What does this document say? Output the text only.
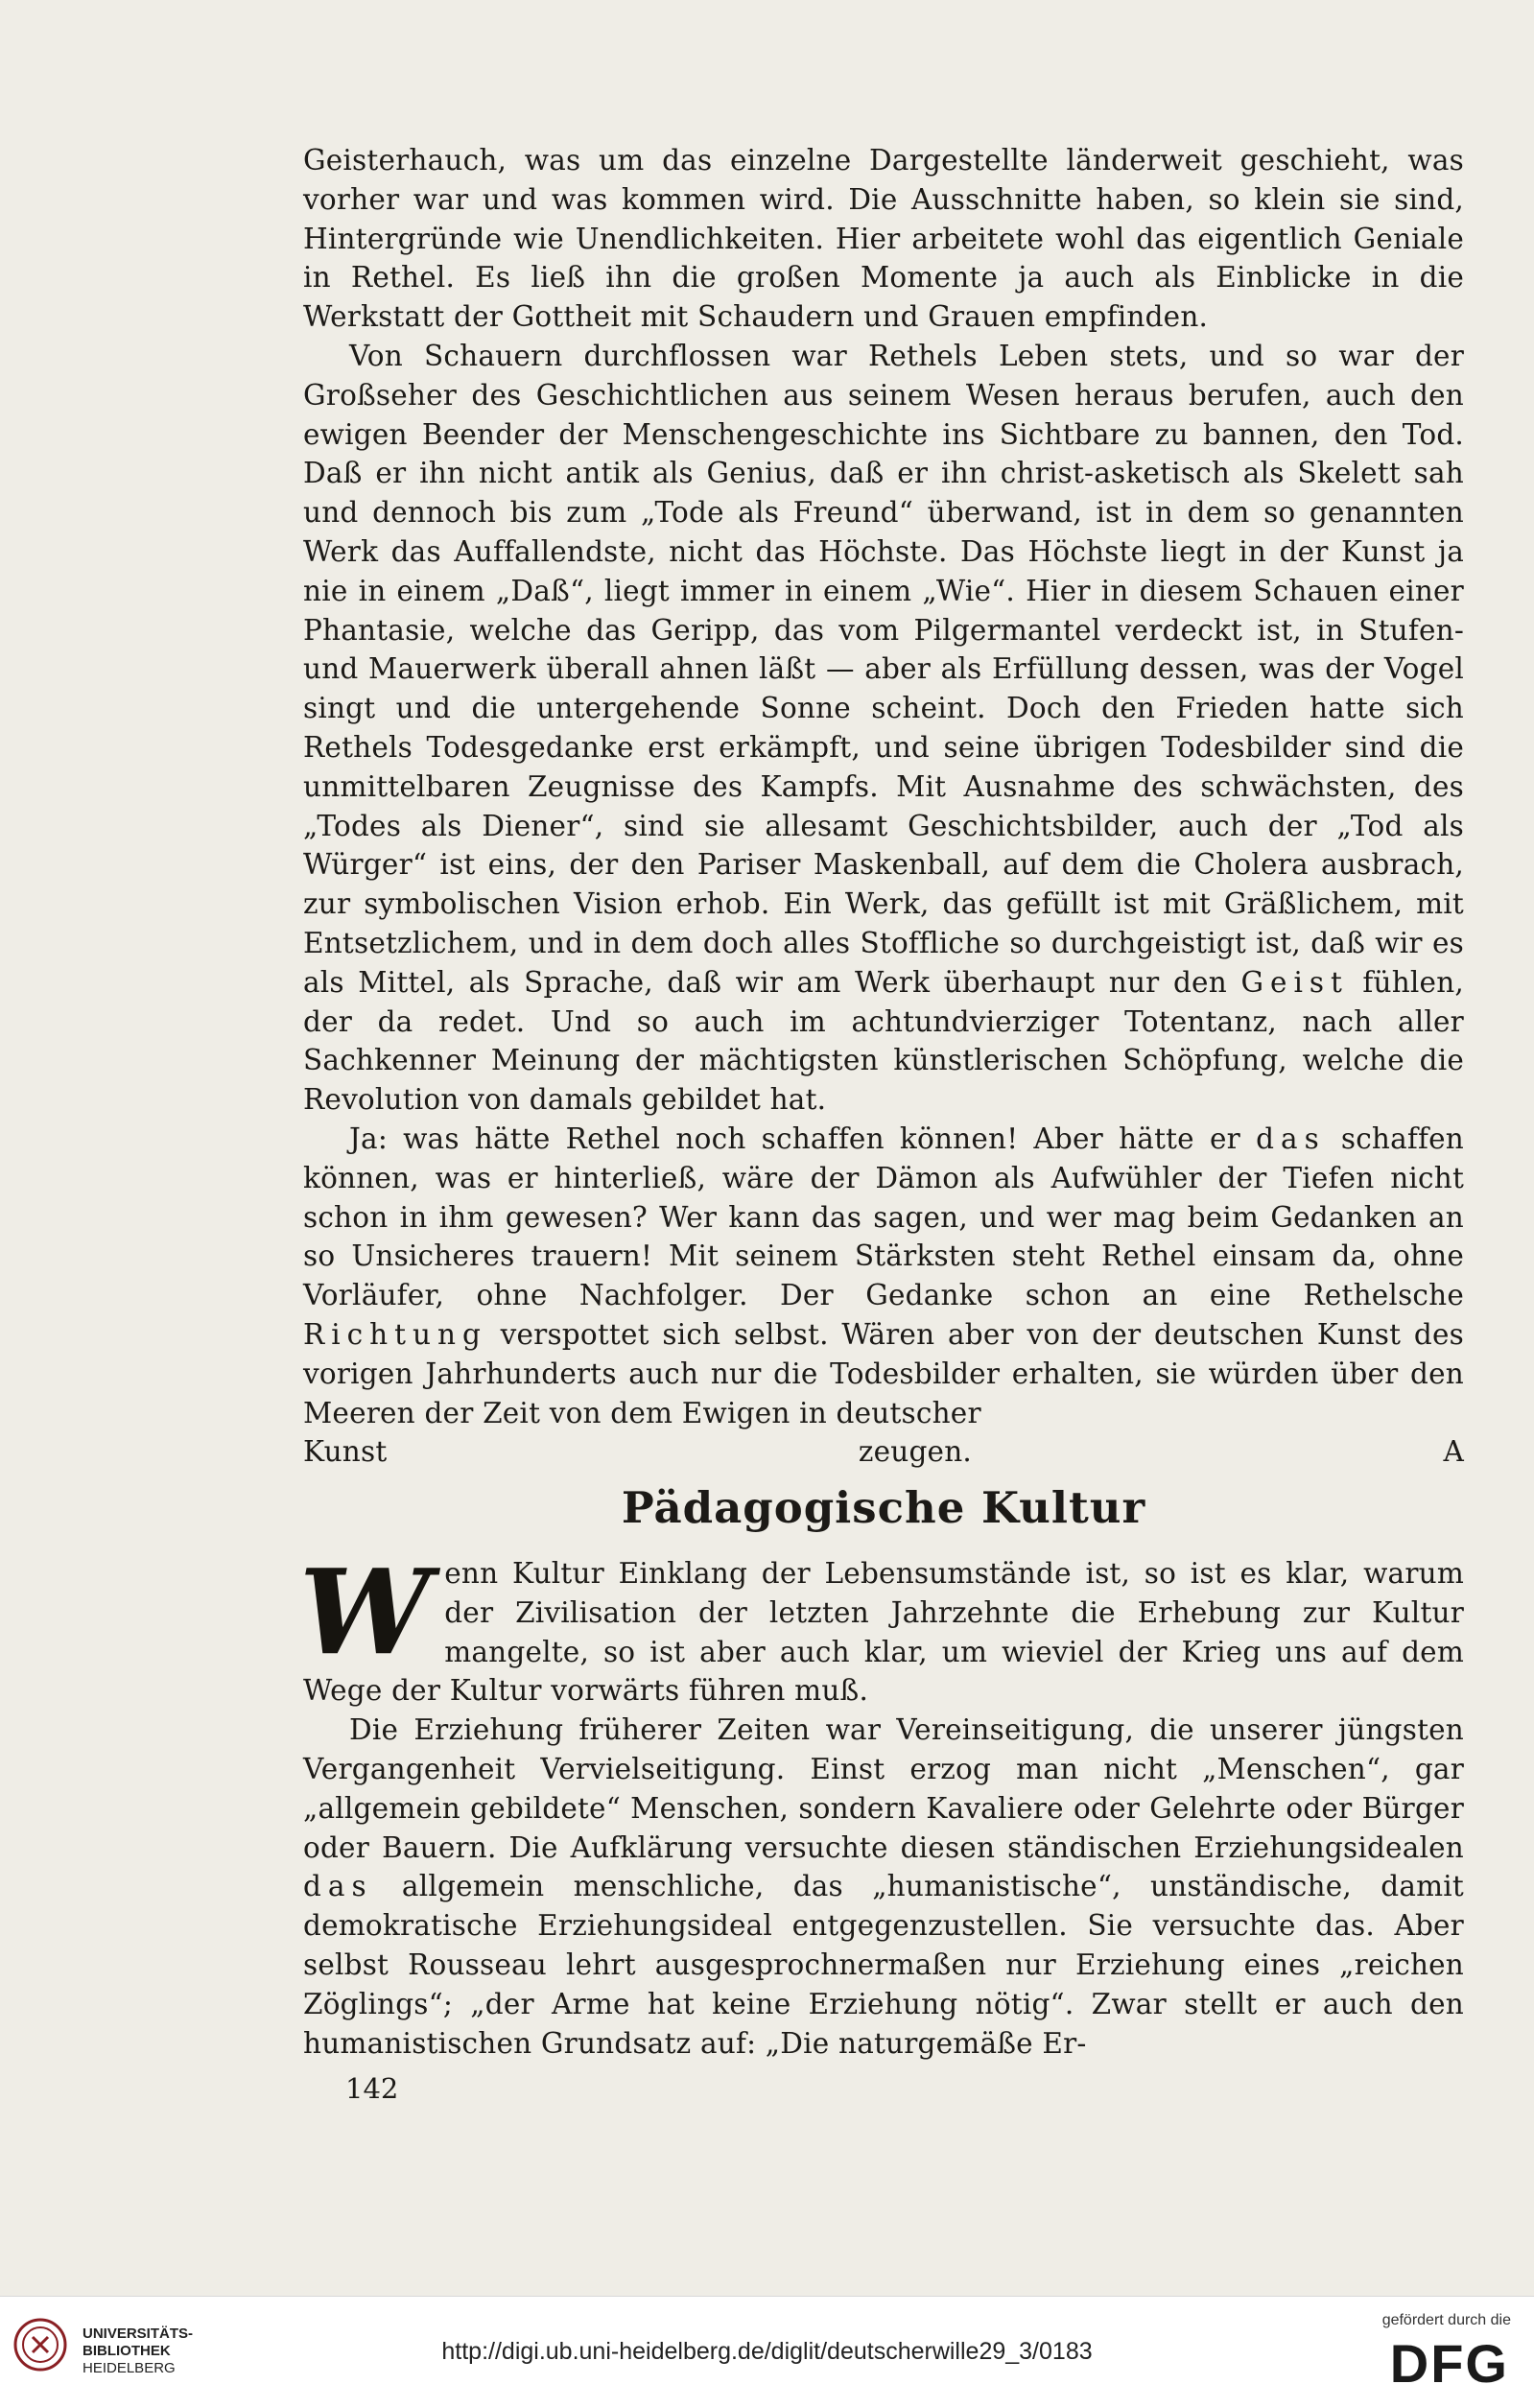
Geisterhauch, was um das einzelne Dargestellte länderweit geschieht, was vorher war und was kommen wird. Die Ausschnitte haben, so klein sie sind, Hintergründe wie Unendlichkeiten. Hier arbeitete wohl das eigentlich Geniale in Rethel. Es ließ ihn die großen Momente ja auch als Einblicke in die Werkstatt der Gottheit mit Schaudern und Grauen empfinden.

Von Schauern durchflossen war Rethels Leben stets, und so war der Großseher des Geschichtlichen aus seinem Wesen heraus berufen, auch den ewigen Beender der Menschengeschichte ins Sichtbare zu bannen, den Tod. Daß er ihn nicht antik als Genius, daß er ihn christ-asketisch als Skelett sah und dennoch bis zum „Tode als Freund“ überwand, ist in dem so genannten Werk das Auffallendste, nicht das Höchste. Das Höchste liegt in der Kunst ja nie in einem „Daß“, liegt immer in einem „Wie“. Hier in diesem Schauen einer Phantasie, welche das Geripp, das vom Pilgermantel verdeckt ist, in Stufen- und Mauerwerk überall ahnen läßt — aber als Erfüllung dessen, was der Vogel singt und die untergehende Sonne scheint. Doch den Frieden hatte sich Rethels Todesgedanke erst erkämpft, und seine übrigen Todesbilder sind die unmittelbaren Zeugnisse des Kampfs. Mit Ausnahme des schwächsten, des „Todes als Diener“, sind sie allesamt Geschichtsbilder, auch der „Tod als Würger“ ist eins, der den Pariser Maskenball, auf dem die Cholera ausbrach, zur symbolischen Vision erhob. Ein Werk, das gefüllt ist mit Gräßlichem, mit Entsetzlichem, und in dem doch alles Stoffliche so durchgeistigt ist, daß wir es als Mittel, als Sprache, daß wir am Werk überhaupt nur den Geist fühlen, der da redet. Und so auch im achtundvierziger Totentanz, nach aller Sachkenner Meinung der mächtigsten künstlerischen Schöpfung, welche die Revolution von damals gebildet hat.

Ja: was hätte Rethel noch schaffen können! Aber hätte er das schaffen können, was er hinterließ, wäre der Dämon als Aufwühler der Tiefen nicht schon in ihm gewesen? Wer kann das sagen, und wer mag beim Gedanken an so Unsicheres trauern! Mit seinem Stärksten steht Rethel einsam da, ohne Vorläufer, ohne Nachfolger. Der Gedanke schon an eine Rethelsche Richtung verspottet sich selbst. Wären aber von der deutschen Kunst des vorigen Jahrhunderts auch nur die Todesbilder erhalten, sie würden über den Meeren der Zeit von dem Ewigen in deutscher

Kunst zeugen.	A

Pädagogische Kultur

W enn Kultur Einklang der Lebensumstände ist, so ist es klar, warum der Zivilisation der letzten Jahrzehnte die Erhebung zur Kultur mangelte, so ist aber auch klar, um wieviel der Krieg uns auf dem Wege der Kultur vorwärts führen muß.

Die Erziehung früherer Zeiten war Vereinseitigung, die unserer jüngsten Vergangenheit Vervielseitigung. Einst erzog man nicht „Menschen“, gar „allgemein gebildete“ Menschen, sondern Kavaliere oder Gelehrte oder Bürger oder Bauern. Die Aufklärung versuchte diesen ständischen Erziehungsidealen das allgemein menschliche, das „humanistische“, unständische, damit demokratische Erziehungsideal entgegenzustellen. Sie versuchte das. Aber selbst Rousseau lehrt ausgesprochnermaßen nur Erziehung eines „reichen Zöglings“; „der Arme hat keine Erziehung nötig“. Zwar stellt er auch den humanistischen Grundsatz auf: „Die naturgemäße Er-

142
UNIVERSITÄTS-
BIBLIOTHEK
HEIDELBERG
http://digi.ub.uni-heidelberg.de/diglit/deutscherwille29_3/0183
gefördert durch die
DFG
